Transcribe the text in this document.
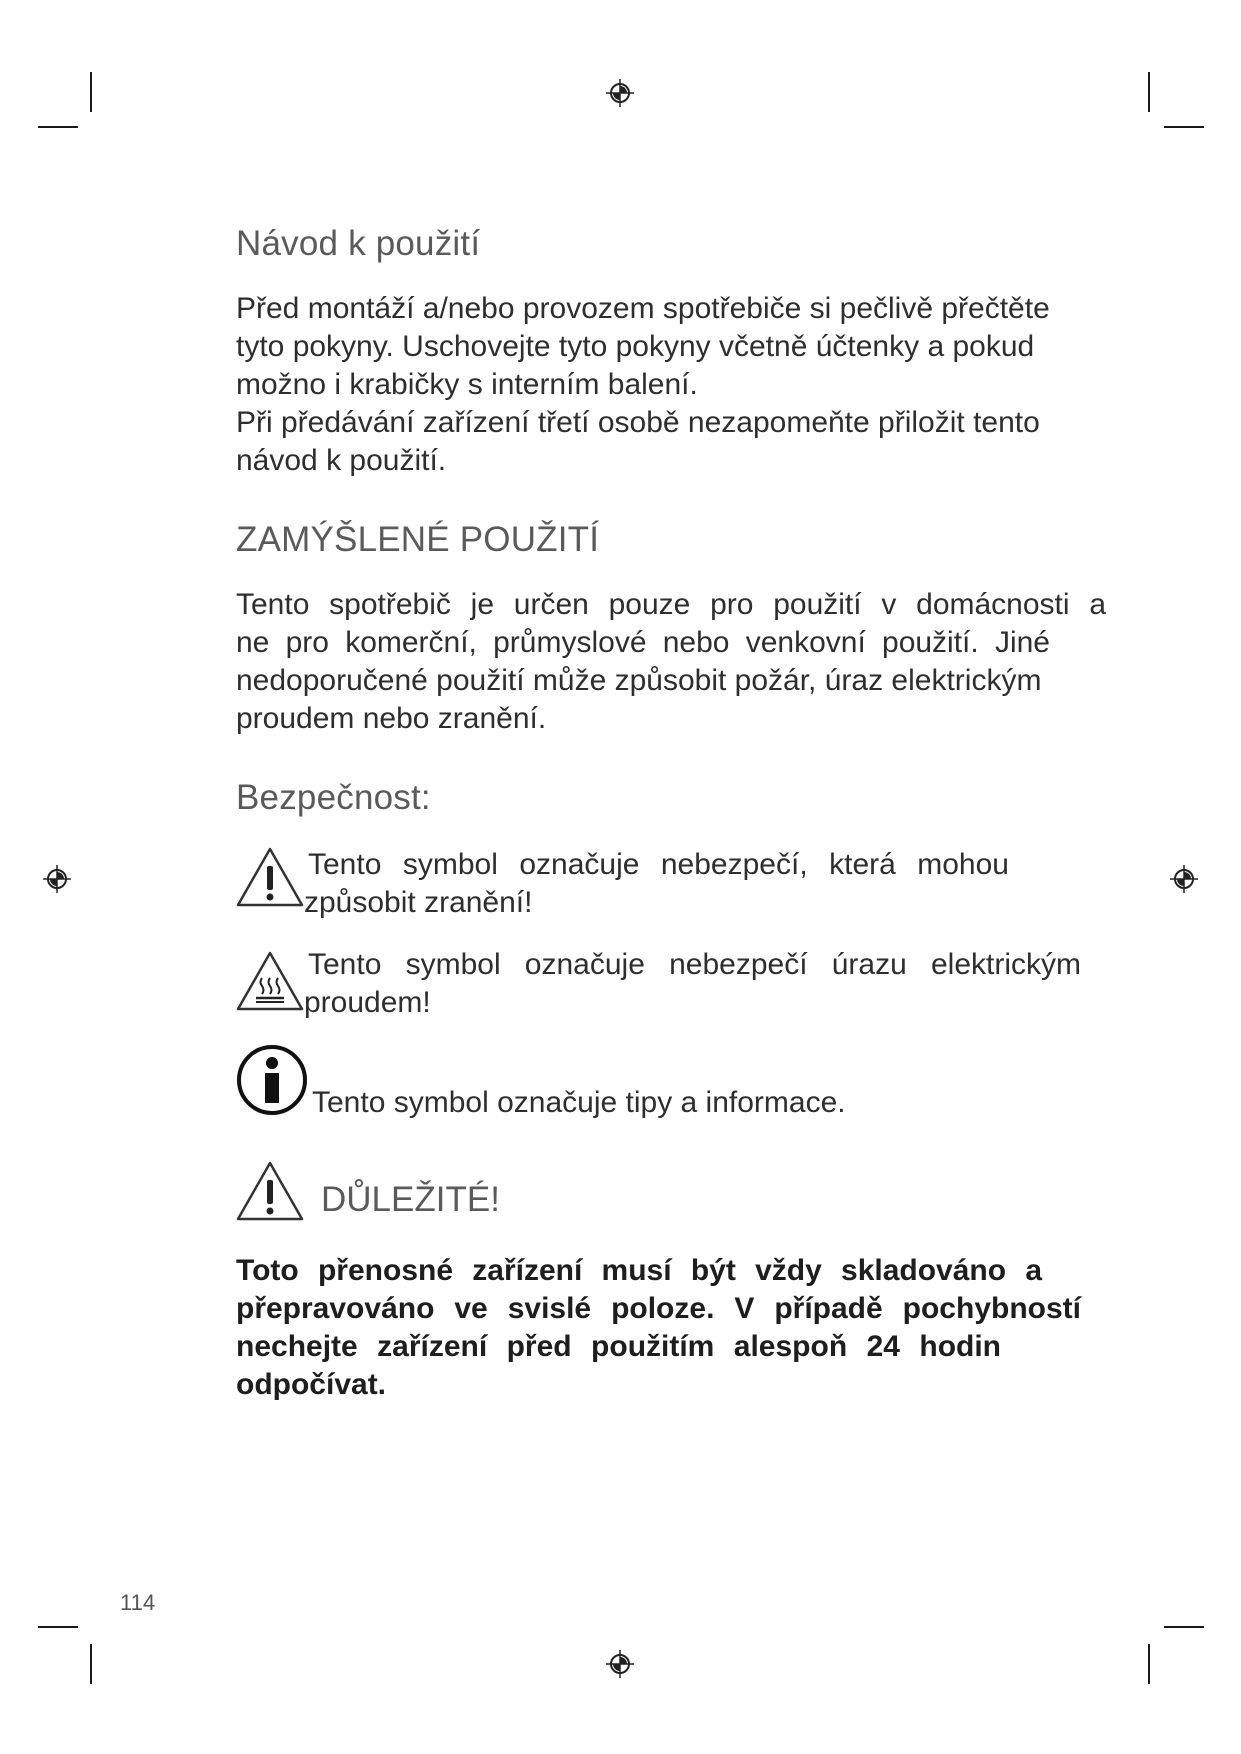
Návod k použití
Před montáží a/nebo provozem spotřebiče si pečlivě přečtěte
tyto pokyny. Uschovejte tyto pokyny včetně účtenky a pokud
možno i krabičky s interním balení.
Při předávání zařízení třetí osobě nezapomeňte přiložit tento
návod k použití.
ZAMÝŠLENÉ POUŽITÍ
Tento spotřebič je určen pouze pro použití v domácnosti a
ne pro komerční, průmyslové nebo venkovní použití. Jiné
nedoporučené použití může způsobit požár, úraz elektrickým
proudem nebo zranění.
Bezpečnost:
Tento symbol označuje nebezpečí, která mohou
způsobit zranění!
Tento symbol označuje nebezpečí úrazu elektrickým
proudem!
Tento symbol označuje tipy a informace.
DŮLEŽITÉ!
Toto přenosné zařízení musí být vždy skladováno a
přepravováno ve svislé poloze. V případě pochybností
nechejte zařízení před použitím alespoň 24 hodin
odpočívat.
114
